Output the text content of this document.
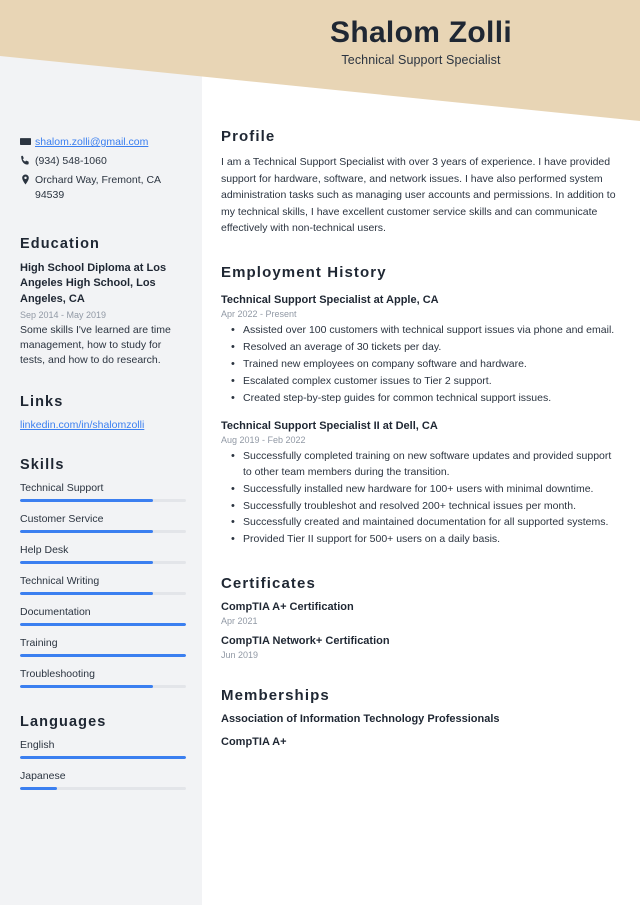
Shalom Zolli
Technical Support Specialist
shalom.zolli@gmail.com
(934) 548-1060
Orchard Way, Fremont, CA 94539
Education
High School Diploma at Los Angeles High School, Los Angeles, CA
Sep 2014 - May 2019
Some skills I've learned are time management, how to study for tests, and how to do research.
Links
linkedin.com/in/shalomzolli
Skills
Technical Support
Customer Service
Help Desk
Technical Writing
Documentation
Training
Troubleshooting
Languages
English
Japanese
Profile
I am a Technical Support Specialist with over 3 years of experience. I have provided support for hardware, software, and network issues. I have also performed system administration tasks such as managing user accounts and permissions. In addition to my technical skills, I have excellent customer service skills and can communicate effectively with non-technical users.
Employment History
Technical Support Specialist at Apple, CA
Apr 2022 - Present
• Assisted over 100 customers with technical support issues via phone and email.
• Resolved an average of 30 tickets per day.
• Trained new employees on company software and hardware.
• Escalated complex customer issues to Tier 2 support.
• Created step-by-step guides for common technical support issues.
Technical Support Specialist II at Dell, CA
Aug 2019 - Feb 2022
• Successfully completed training on new software updates and provided support to other team members during the transition.
• Successfully installed new hardware for 100+ users with minimal downtime.
• Successfully troubleshot and resolved 200+ technical issues per month.
• Successfully created and maintained documentation for all supported systems.
• Provided Tier II support for 500+ users on a daily basis.
Certificates
CompTIA A+ Certification
Apr 2021
CompTIA Network+ Certification
Jun 2019
Memberships
Association of Information Technology Professionals
CompTIA A+
